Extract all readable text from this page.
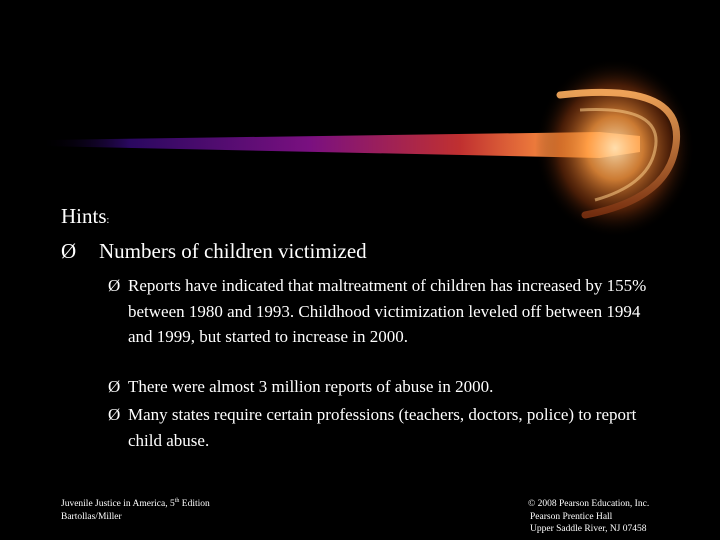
Hints:
Ø Numbers of children victimized
Ø Reports have indicated that maltreatment of children has increased by 155% between 1980 and 1993. Childhood victimization leveled off between 1994 and 1999, but started to increase in 2000.
Ø There were almost 3 million reports of abuse in 2000.
Ø Many states require certain professions (teachers, doctors, police) to report child abuse.
Juvenile Justice in America, 5th Edition
Bartollas/Miller
© 2008 Pearson Education, Inc.
Pearson Prentice Hall
Upper Saddle River, NJ 07458
